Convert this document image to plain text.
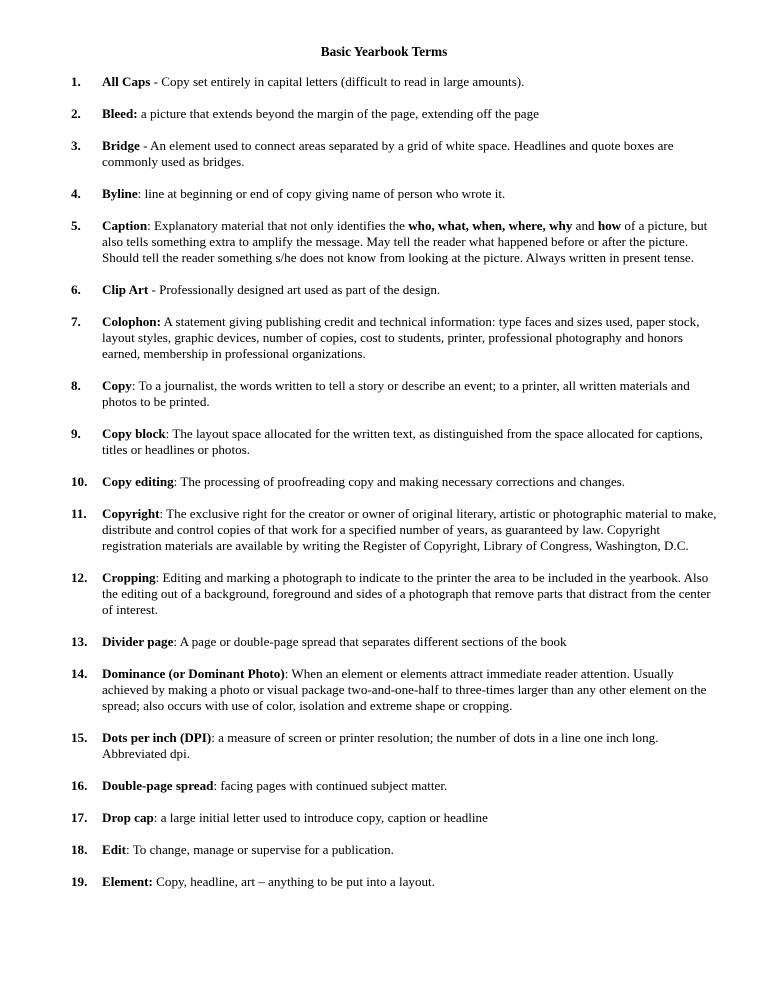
Basic Yearbook Terms
1. All Caps - Copy set entirely in capital letters (difficult to read in large amounts).
2. Bleed: a picture that extends beyond the margin of the page, extending off the page
3. Bridge - An element used to connect areas separated by a grid of white space. Headlines and quote boxes are commonly used as bridges.
4. Byline: line at beginning or end of copy giving name of person who wrote it.
5. Caption: Explanatory material that not only identifies the who, what, when, where, why and how of a picture, but also tells something extra to amplify the message. May tell the reader what happened before or after the picture. Should tell the reader something s/he does not know from looking at the picture. Always written in present tense.
6. Clip Art - Professionally designed art used as part of the design.
7. Colophon: A statement giving publishing credit and technical information: type faces and sizes used, paper stock, layout styles, graphic devices, number of copies, cost to students, printer, professional photography and honors earned, membership in professional organizations.
8. Copy: To a journalist, the words written to tell a story or describe an event; to a printer, all written materials and photos to be printed.
9. Copy block: The layout space allocated for the written text, as distinguished from the space allocated for captions, titles or headlines or photos.
10. Copy editing: The processing of proofreading copy and making necessary corrections and changes.
11. Copyright: The exclusive right for the creator or owner of original literary, artistic or photographic material to make, distribute and control copies of that work for a specified number of years, as guaranteed by law. Copyright registration materials are available by writing the Register of Copyright, Library of Congress, Washington, D.C.
12. Cropping: Editing and marking a photograph to indicate to the printer the area to be included in the yearbook. Also the editing out of a background, foreground and sides of a photograph that remove parts that distract from the center of interest.
13. Divider page: A page or double-page spread that separates different sections of the book
14. Dominance (or Dominant Photo): When an element or elements attract immediate reader attention. Usually achieved by making a photo or visual package two-and-one-half to three-times larger than any other element on the spread; also occurs with use of color, isolation and extreme shape or cropping.
15. Dots per inch (DPI): a measure of screen or printer resolution; the number of dots in a line one inch long. Abbreviated dpi.
16. Double-page spread: facing pages with continued subject matter.
17. Drop cap: a large initial letter used to introduce copy, caption or headline
18. Edit: To change, manage or supervise for a publication.
19. Element: Copy, headline, art – anything to be put into a layout.
